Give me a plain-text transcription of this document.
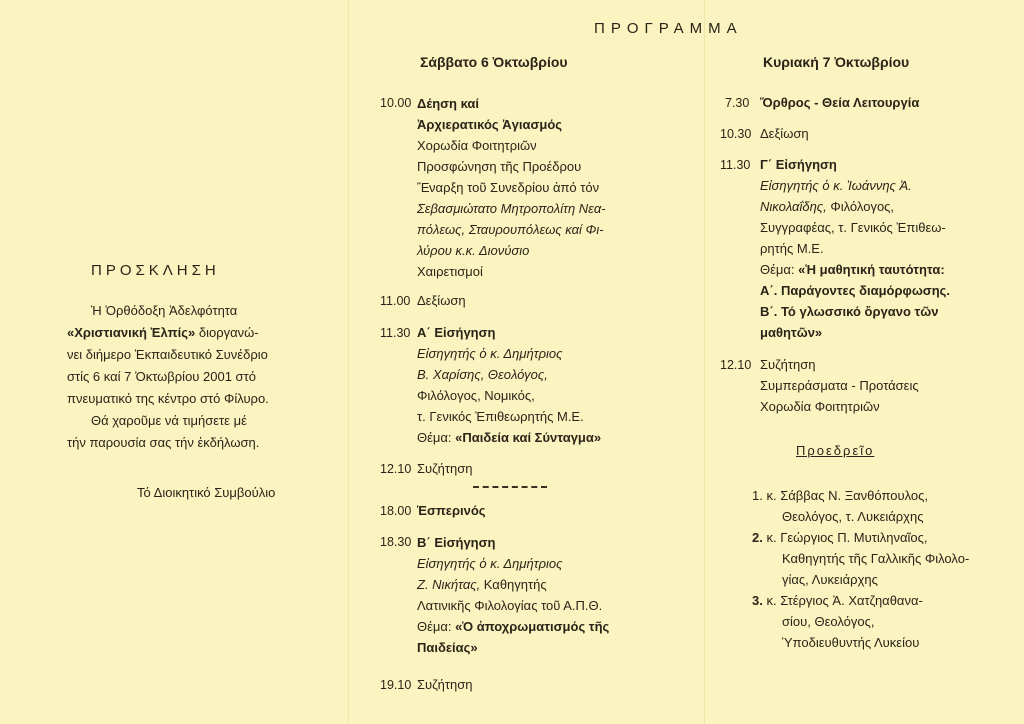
ΠΡΟΓΡΑΜΜΑ
ΠΡΟΣΚΛΗΣΗ

Ἡ Ὀρθόδοξη Ἀδελφότητα

«Χριστιανική Ἐλπίς» διοργανώ-

νει διήμερο Ἐκπαιδευτικό Συνέδριο

στίς 6 καί 7 Ὀκτωβρίου 2001 στό

πνευματικό της κέντρο στό Φίλυρο.

Θά χαροῦμε νά τιμήσετε μέ

τήν παρουσία σας τήν ἐκδήλωση.

Τό Διοικητικό Συμβούλιο
Σάββατο 6 Ὀκτωβρίου
10.00 Δέηση καί
Ἀρχιερατικός Ἁγιασμός
Χορωδία Φοιτητριῶν
Προσφώνηση τῆς Προέδρου
Ἔναρξη τοῦ Συνεδρίου ἀπό τόν
Σεβασμιώτατο Μητροπολίτη Νεα-
πόλεως, Σταυρουπόλεως καί Φι-
λύρου κ.κ. Διονύσιο
Χαιρετισμοί
11.00 Δεξίωση
11.30 Α΄ Εἰσήγηση
Εἰσηγητής ὁ κ. Δημήτριος
Β. Χαρίσης, Θεολόγος,
Φιλόλογος, Νομικός,
τ. Γενικός Ἐπιθεωρητής Μ.Ε.
Θέμα: «Παιδεία καί Σύνταγμα»
12.10 Συζήτηση
18.00 Ἑσπερινός
18.30 Β΄ Εἰσήγηση
Εἰσηγητής ὁ κ. Δημήτριος
Ζ. Νικήτας, Καθηγητής
Λατινικῆς Φιλολογίας τοῦ Α.Π.Θ.
Θέμα: «Ὁ ἀποχρωματισμός τῆς
Παιδείας»
19.10 Συζήτηση
Κυριακή 7 Ὀκτωβρίου
7.30 Ὄρθρος - Θεία Λειτουργία
10.30 Δεξίωση
11.30 Γ΄ Εἰσήγηση
Εἰσηγητής ὁ κ. Ἰωάννης Ἀ.
Νικολαΐδης, Φιλόλογος,
Συγγραφέας, τ. Γενικός Ἐπιθεω-
ρητής Μ.Ε.
Θέμα: «Ἡ μαθητική ταυτότητα:
Α΄. Παράγοντες διαμόρφωσης.
Β΄. Τό γλωσσικό ὄργανο τῶν
μαθητῶν»
12.10 Συζήτηση
Συμπεράσματα - Προτάσεις
Χορωδία Φοιτητριῶν
Προεδρεῖο
1. κ. Σάββας Ν. Ξανθόπουλος,
Θεολόγος, τ. Λυκειάρχης
2. κ. Γεώργιος Π. Μυτιληναῖος,
Καθηγητής τῆς Γαλλικῆς Φιλολο-
γίας, Λυκειάρχης
3. κ. Στέργιος Ἀ. Χατζηαθανα-
σίου, Θεολόγος,
Ὑποδιευθυντής Λυκείου
